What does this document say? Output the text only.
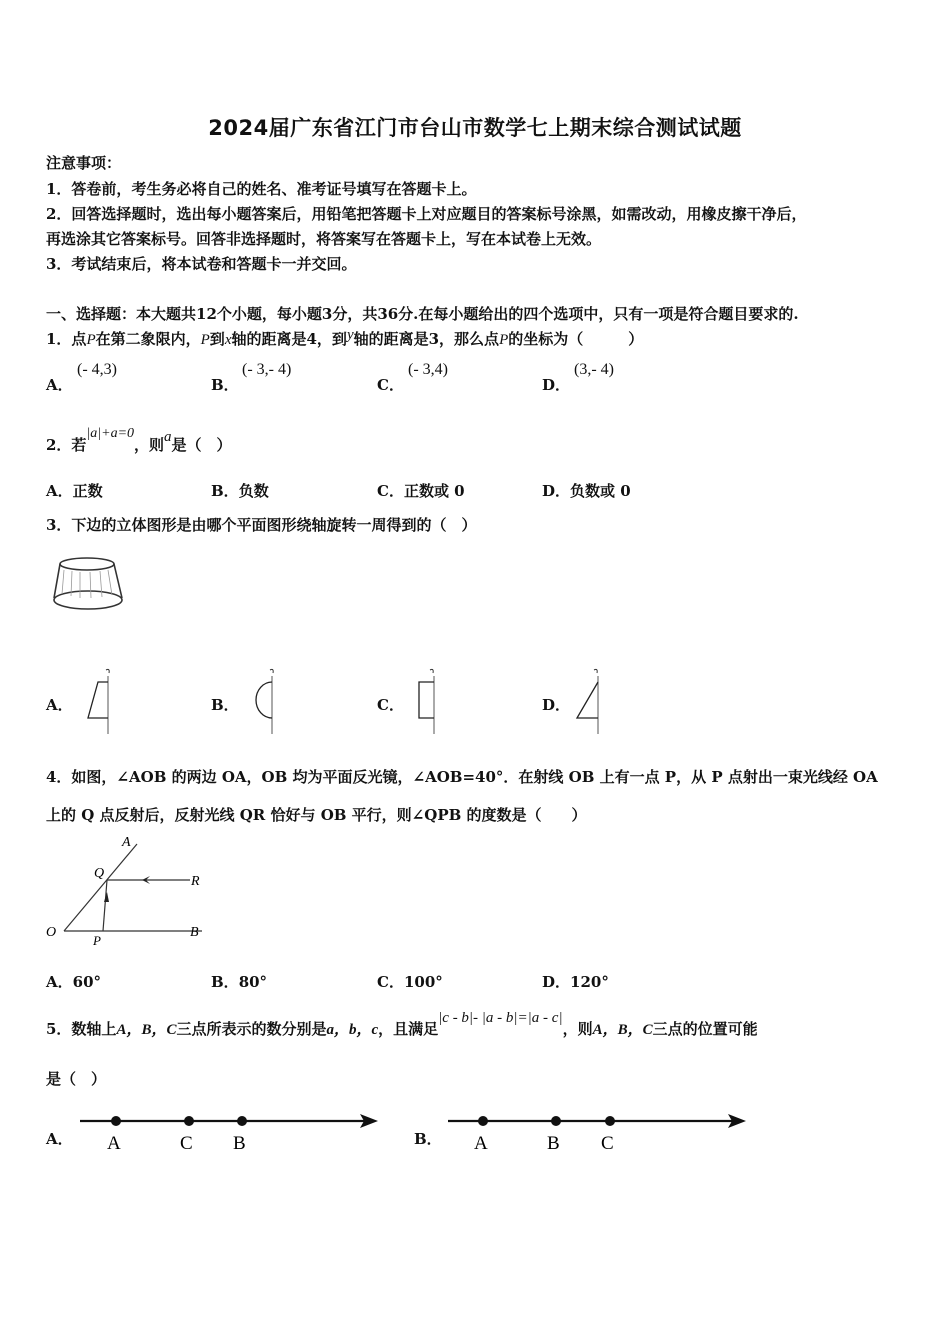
2024届广东省江门市台山市数学七上期末综合测试试题
注意事项：
1．答卷前，考生务必将自己的姓名、准考证号填写在答题卡上。
2．回答选择题时，选出每小题答案后，用铅笔把答题卡上对应题目的答案标号涂黑，如需改动，用橡皮擦干净后，
再选涂其它答案标号。回答非选择题时，将答案写在答题卡上，写在本试卷上无效。
3．考试结束后，将本试卷和答题卡一并交回。
一、选择题：本大题共12个小题，每小题3分，共36分.在每小题给出的四个选项中，只有一项是符合题目要求的.
1．点P在第二象限内，P到x轴的距离是4，到y轴的距离是3，那么点P的坐标为（　　　）
A．
(- 4,3)
B．
(- 3,- 4)
C．
(- 3,4)
D．
(3,- 4)
2．若|a|+a=0，则a是（　）
A．正数	B．负数	C．正数或 0	D．负数或 0
3．下边的立体图形是由哪个平面图形绕轴旋转一周得到的（　）
A．	B．	C．	D．
4．如图，∠AOB 的两边 OA，OB 均为平面反光镜，∠AOB=40°．在射线 OB 上有一点 P，从 P 点射出一束光线经 OA
上的 Q 点反射后，反射光线 QR 恰好与 OB 平行，则∠QPB 的度数是（　　）
A
Q
R
O
P
B
A．60°	B．80°	C．100°	D．120°
5．数轴上A，B，C三点所表示的数分别是a，b，c，且满足|c - b|- |a - b|=|a - c|，则A，B，C三点的位置可能
是（　）
A． A	C B	B． A	B C
